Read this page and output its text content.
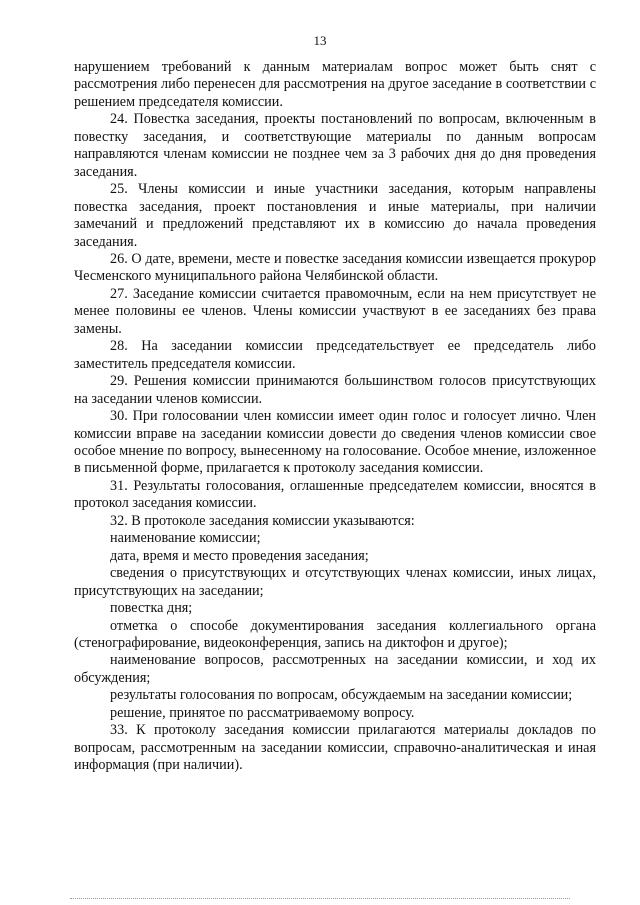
13

нарушением требований к данным материалам вопрос может быть снят с рассмотрения либо перенесен для рассмотрения на другое заседание в соответствии с решением председателя комиссии.

24. Повестка заседания, проекты постановлений по вопросам, включенным в повестку заседания, и соответствующие материалы по данным вопросам направляются членам комиссии не позднее чем за 3 рабочих дня до дня проведения заседания.

25. Члены комиссии и иные участники заседания, которым направлены повестка заседания, проект постановления и иные материалы, при наличии замечаний и предложений представляют их в комиссию до начала проведения заседания.

26. О дате, времени, месте и повестке заседания комиссии извещается прокурор Чесменского муниципального района Челябинской области.

27. Заседание комиссии считается правомочным, если на нем присутствует не менее половины ее членов. Члены комиссии участвуют в ее заседаниях без права замены.

28. На заседании комиссии председательствует ее председатель либо заместитель председателя комиссии.

29. Решения комиссии принимаются большинством голосов присутствующих на заседании членов комиссии.

30. При голосовании член комиссии имеет один голос и голосует лично. Член комиссии вправе на заседании комиссии довести до сведения членов комиссии свое особое мнение по вопросу, вынесенному на голосование. Особое мнение, изложенное в письменной форме, прилагается к протоколу заседания комиссии.

31. Результаты голосования, оглашенные председателем комиссии, вносятся в протокол заседания комиссии.

32. В протоколе заседания комиссии указываются:

наименование комиссии;

дата, время и место проведения заседания;

сведения о присутствующих и отсутствующих членах комиссии, иных лицах, присутствующих на заседании;

повестка дня;

отметка о способе документирования заседания коллегиального органа (стенографирование, видеоконференция, запись на диктофон и другое);

наименование вопросов, рассмотренных на заседании комиссии, и ход их обсуждения;

результаты голосования по вопросам, обсуждаемым на заседании комиссии;

решение, принятое по рассматриваемому вопросу.

33. К протоколу заседания комиссии прилагаются материалы докладов по вопросам, рассмотренным на заседании комиссии, справочно-аналитическая и иная информация (при наличии).
